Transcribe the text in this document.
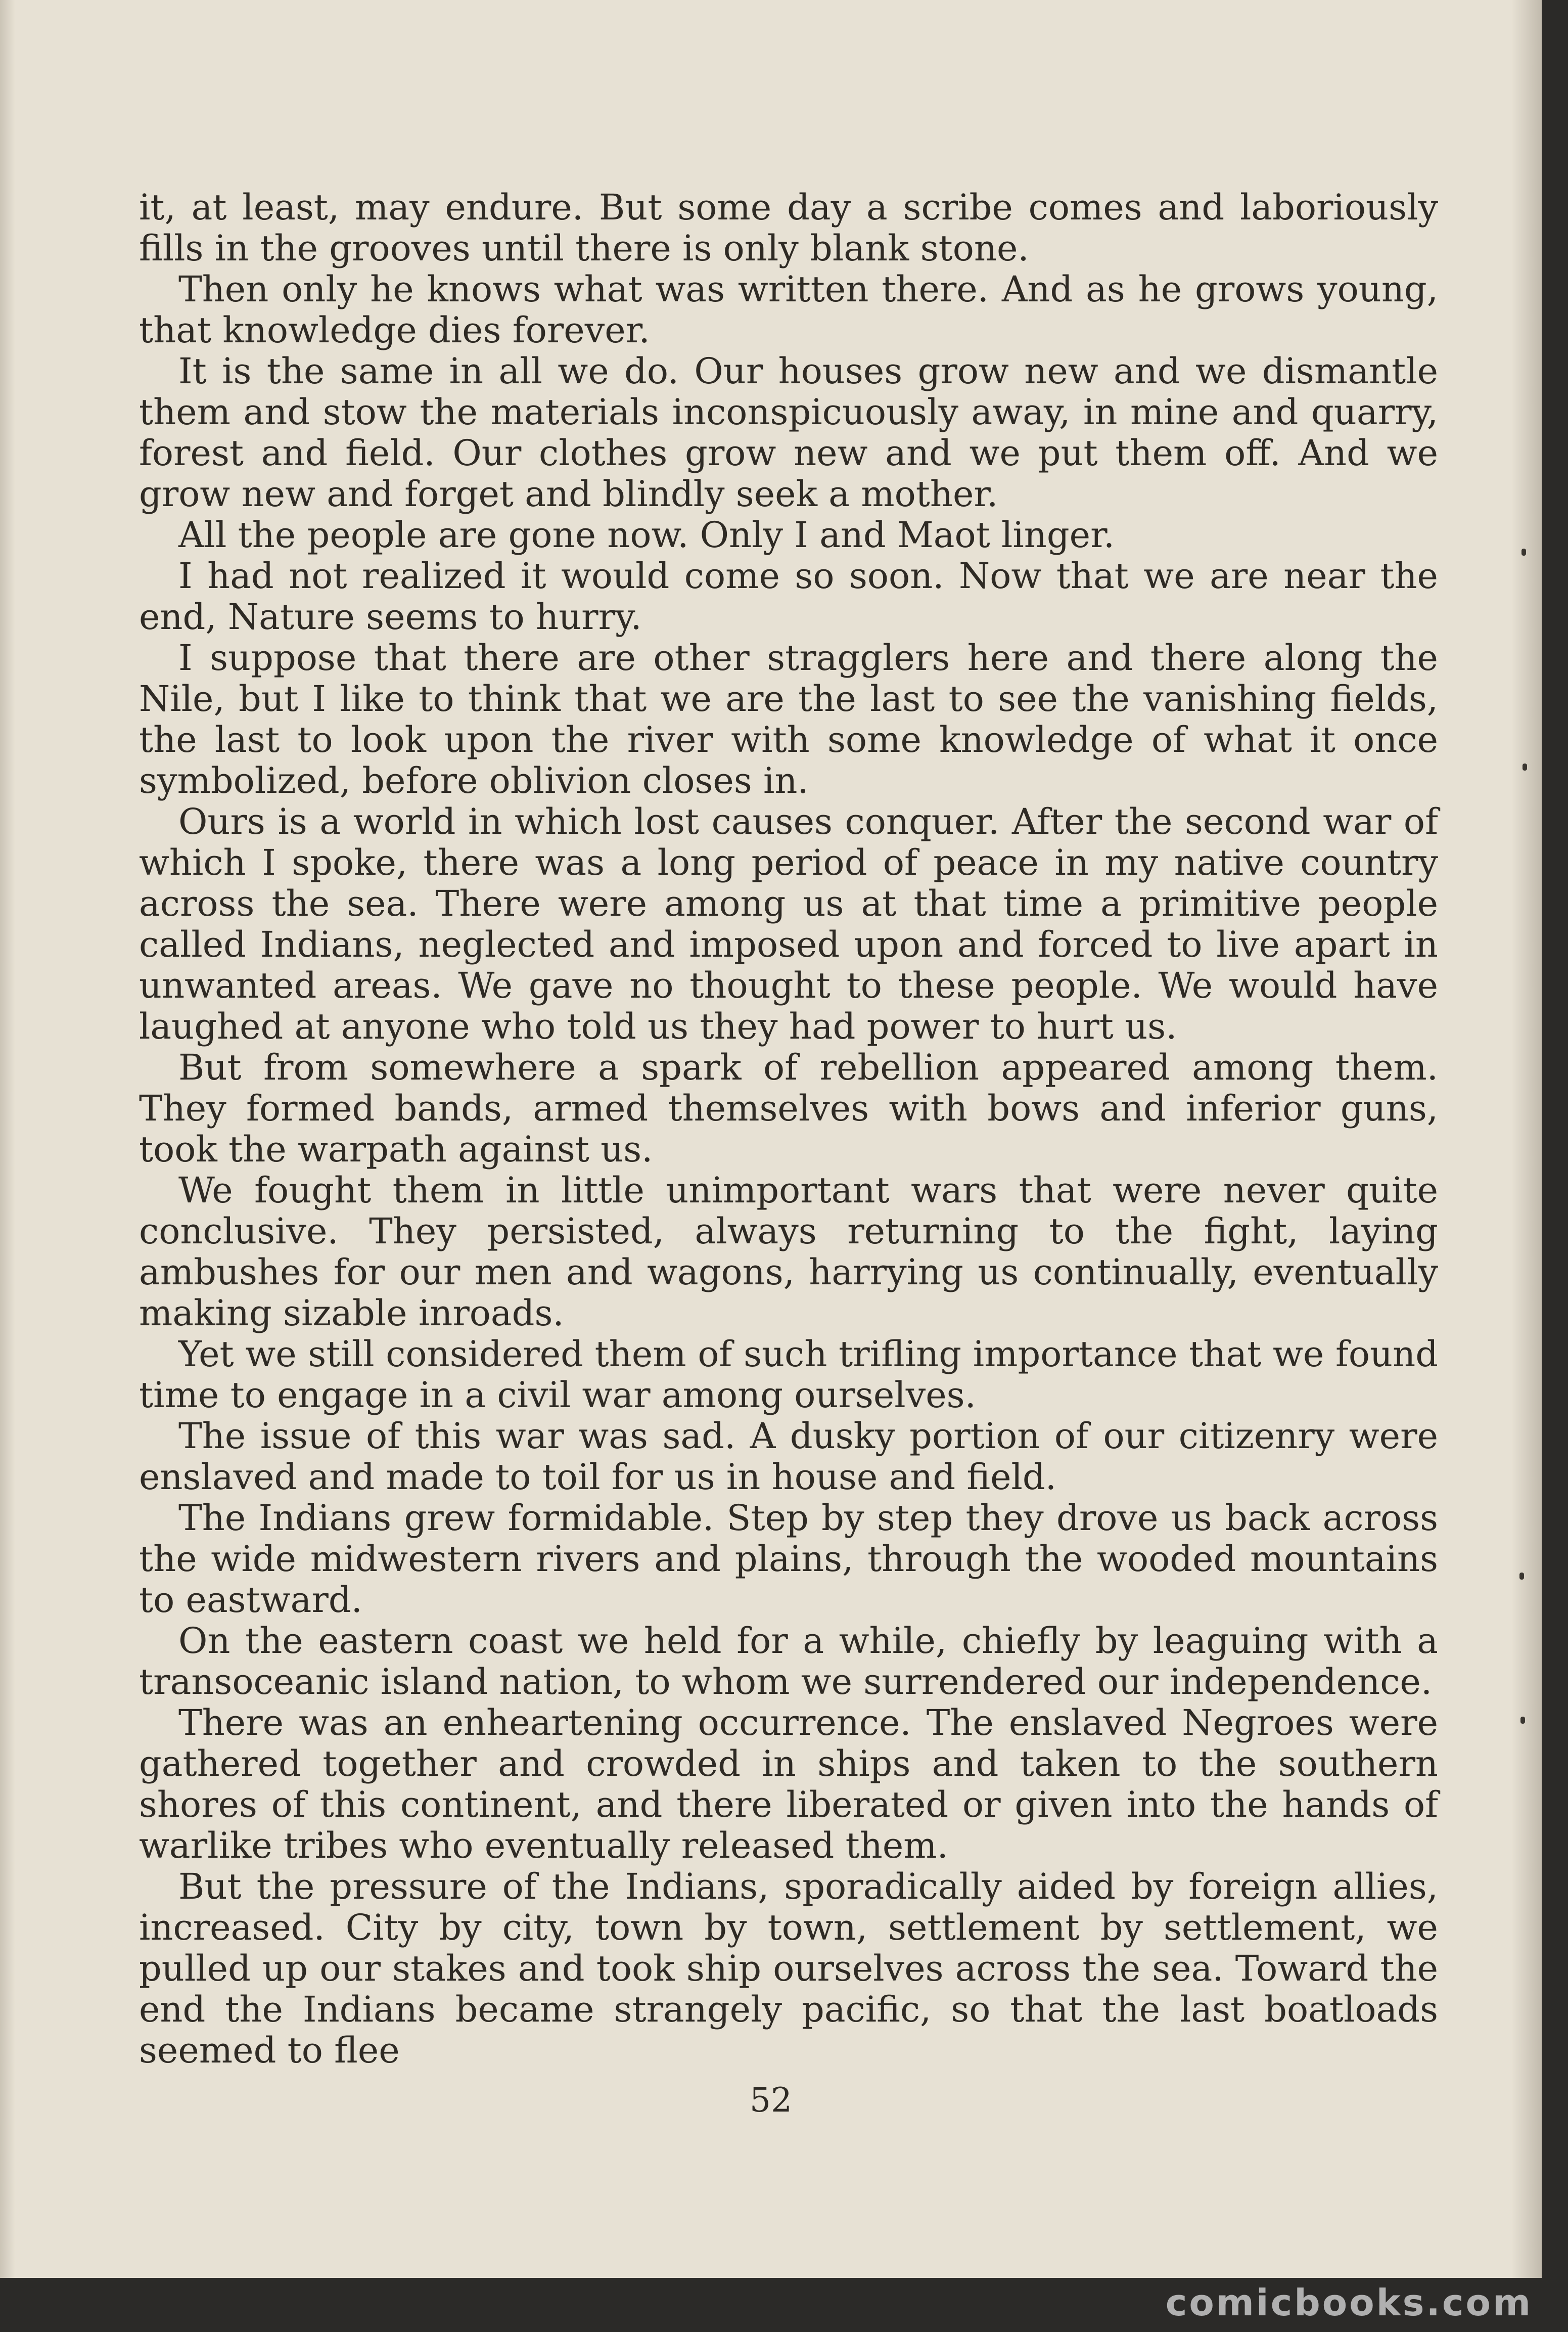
it, at least, may endure. But some day a scribe comes and laboriously fills in the grooves until there is only blank stone.

Then only he knows what was written there. And as he grows young, that knowledge dies forever.

It is the same in all we do. Our houses grow new and we dismantle them and stow the materials inconspicuously away, in mine and quarry, forest and field. Our clothes grow new and we put them off. And we grow new and forget and blindly seek a mother.

All the people are gone now. Only I and Maot linger.

I had not realized it would come so soon. Now that we are near the end, Nature seems to hurry.

I suppose that there are other stragglers here and there along the Nile, but I like to think that we are the last to see the vanishing fields, the last to look upon the river with some knowledge of what it once symbolized, before oblivion closes in.

Ours is a world in which lost causes conquer. After the second war of which I spoke, there was a long period of peace in my native country across the sea. There were among us at that time a primitive people called Indians, neglected and imposed upon and forced to live apart in unwanted areas. We gave no thought to these people. We would have laughed at anyone who told us they had power to hurt us.

But from somewhere a spark of rebellion appeared among them. They formed bands, armed themselves with bows and inferior guns, took the warpath against us.

We fought them in little unimportant wars that were never quite conclusive. They persisted, always returning to the fight, laying ambushes for our men and wagons, harrying us continually, eventually making sizable inroads.

Yet we still considered them of such trifling importance that we found time to engage in a civil war among ourselves.

The issue of this war was sad. A dusky portion of our citizenry were enslaved and made to toil for us in house and field.

The Indians grew formidable. Step by step they drove us back across the wide midwestern rivers and plains, through the wooded mountains to eastward.

On the eastern coast we held for a while, chiefly by leaguing with a transoceanic island nation, to whom we surrendered our independence.

There was an enheartening occurrence. The enslaved Negroes were gathered together and crowded in ships and taken to the southern shores of this continent, and there liberated or given into the hands of warlike tribes who eventually released them.

But the pressure of the Indians, sporadically aided by foreign allies, increased. City by city, town by town, settlement by settlement, we pulled up our stakes and took ship ourselves across the sea. Toward the end the Indians became strangely pacific, so that the last boatloads seemed to flee

52
comicbooks.com
